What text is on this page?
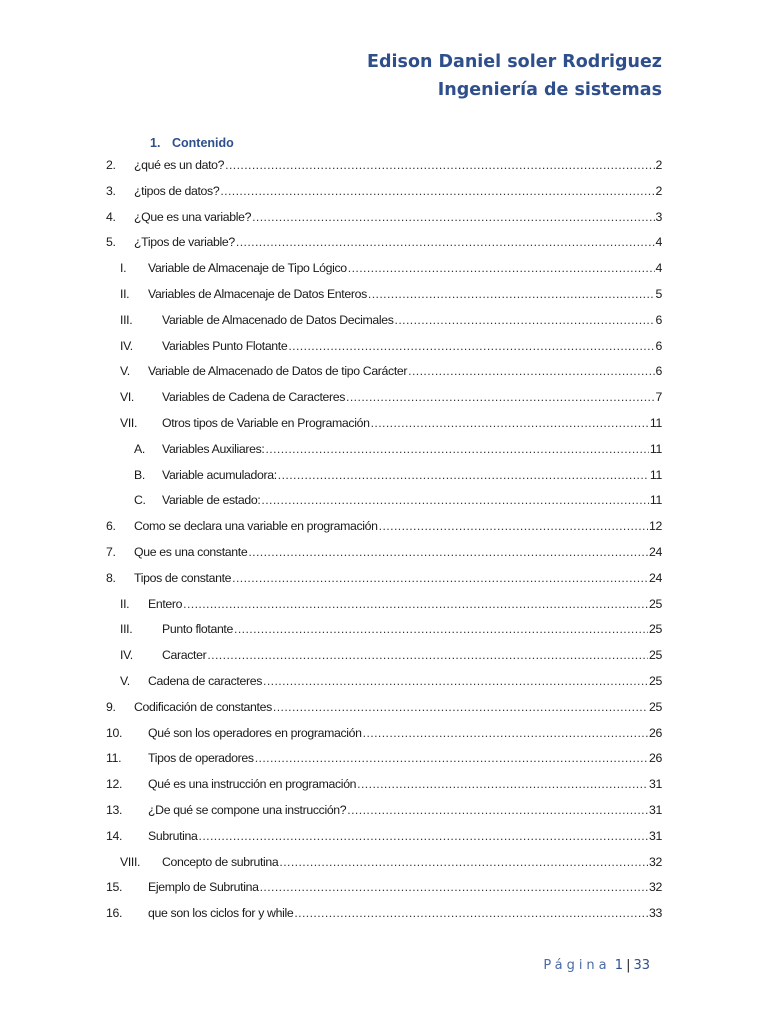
Edison Daniel soler Rodriguez
Ingeniería de sistemas
1. Contenido
2. ¿qué es un dato? .....	2
3. ¿tipos de datos? .....	2
4. ¿Que es una variable? .....	3
5. ¿Tipos de variable? .....	4
I. Variable de Almacenaje de Tipo Lógico .....	4
II. Variables de Almacenaje de Datos Enteros .....	5
III. Variable de Almacenado de Datos Decimales .....	6
IV. Variables Punto Flotante .....	6
V. Variable de Almacenado de Datos de tipo Carácter .....	6
VI. Variables de Cadena de Caracteres .....	7
VII. Otros tipos de Variable en Programación .....	11
A. Variables Auxiliares: .....	11
B. Variable acumuladora: .....	11
C. Variable de estado: .....	11
6. Como se declara una variable en programación .....	12
7. Que es una constante .....	24
8. Tipos de constante .....	24
II. Entero .....	25
III. Punto flotante .....	25
IV. Caracter .....	25
V. Cadena de caracteres .....	25
9. Codificación de constantes .....	25
10. Qué son los operadores en programación .....	26
11. Tipos de operadores .....	26
12. Qué es una instrucción en programación .....	31
13. ¿De qué se compone una instrucción? .....	31
14. Subrutina .....	31
VIII. Concepto de subrutina .....	32
15. Ejemplo de Subrutina .....	32
16. que son los ciclos for y while .....	33
Página 1 | 33
